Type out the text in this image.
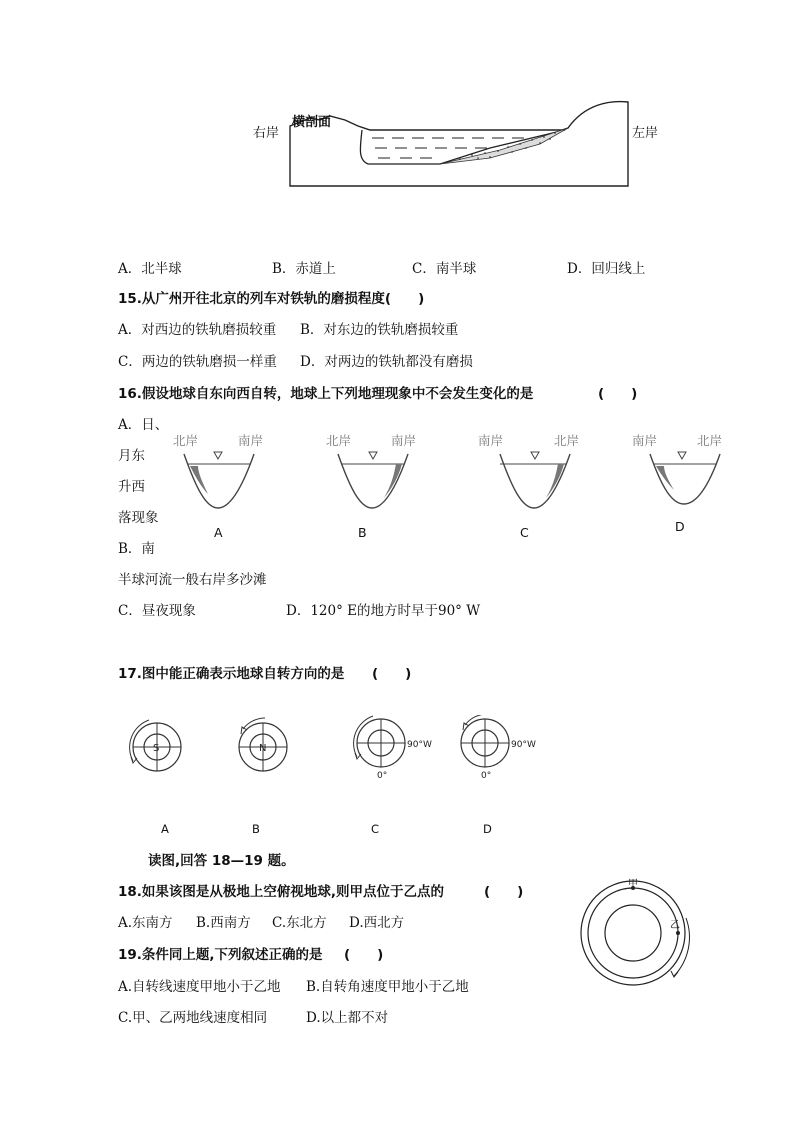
右岸
横剖面
左岸
A．北半球	B．赤道上	C．南半球	D．回归线上
15.从广州开往北京的列车对铁轨的磨损程度(　　)
A．对西边的铁轨磨损较重 B．对东边的铁轨磨损较重
C．两边的铁轨磨损一样重 D．对两边的铁轨都没有磨损
16.假设地球自东向西自转，地球上下列地理现象中不会发生变化的是	(　　)
A．日、
月东
升西
落现象
B．南
半球河流一般右岸多沙滩
C．昼夜现象	D．120° E的地方时早于90° W
北岸	南岸	北岸	南岸	南岸	北岸	南岸	北岸
A	B	C	D
17.图中能正确表示地球自转方向的是 (　　)
S	N	90°W
0°
90°W
0°
A	B	C	D
读图,回答 18—19 题。
18.如果该图是从极地上空俯视地球,则甲点位于乙点的	(　　)
A.东南方 B.西南方 C.东北方 D.西北方
甲
乙
19.条件同上题,下列叙述正确的是 (　　)
A.自转线速度甲地小于乙地 B.自转角速度甲地小于乙地
C.甲、乙两地线速度相同	D.以上都不对
